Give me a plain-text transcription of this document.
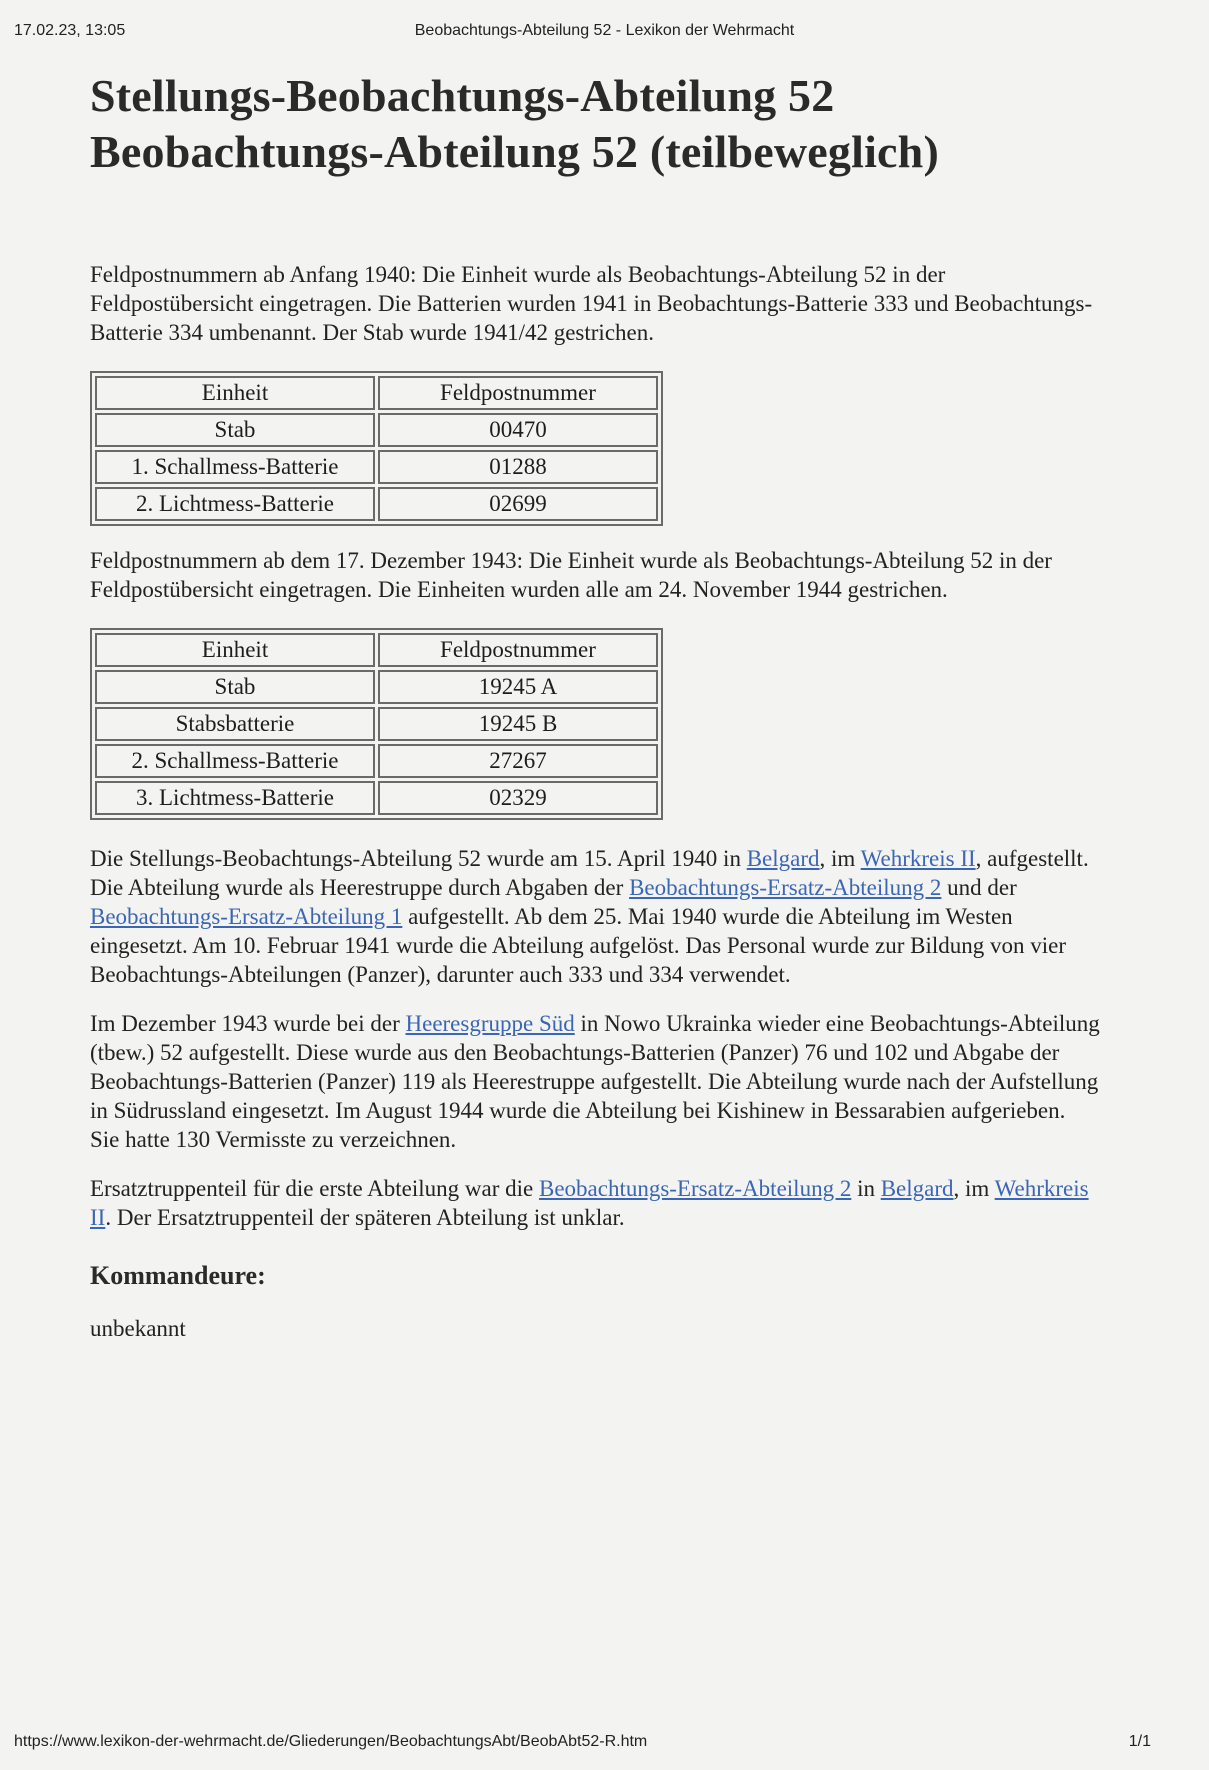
17.02.23, 13:05	Beobachtungs-Abteilung 52 - Lexikon der Wehrmacht
Stellungs-Beobachtungs-Abteilung 52
Beobachtungs-Abteilung 52 (teilbeweglich)

Feldpostnummern ab Anfang 1940: Die Einheit wurde als Beobachtungs-Abteilung 52 in der Feldpostübersicht eingetragen. Die Batterien wurden 1941 in Beobachtungs-Batterie 333 und Beobachtungs-Batterie 334 umbenannt. Der Stab wurde 1941/42 gestrichen.

Einheit	Feldpostnummer
Stab	00470
1. Schallmess-Batterie	01288
2. Lichtmess-Batterie	02699

Feldpostnummern ab dem 17. Dezember 1943: Die Einheit wurde als Beobachtungs-Abteilung 52 in der Feldpostübersicht eingetragen. Die Einheiten wurden alle am 24. November 1944 gestrichen.

Einheit	Feldpostnummer
Stab	19245 A
Stabsbatterie	19245 B
2. Schallmess-Batterie	27267
3. Lichtmess-Batterie	02329

Die Stellungs-Beobachtungs-Abteilung 52 wurde am 15. April 1940 in Belgard, im Wehrkreis II, aufgestellt. Die Abteilung wurde als Heerestruppe durch Abgaben der Beobachtungs-Ersatz-Abteilung 2 und der Beobachtungs-Ersatz-Abteilung 1 aufgestellt. Ab dem 25. Mai 1940 wurde die Abteilung im Westen eingesetzt. Am 10. Februar 1941 wurde die Abteilung aufgelöst. Das Personal wurde zur Bildung von vier Beobachtungs-Abteilungen (Panzer), darunter auch 333 und 334 verwendet.

Im Dezember 1943 wurde bei der Heeresgruppe Süd in Nowo Ukrainka wieder eine Beobachtungs-Abteilung (tbew.) 52 aufgestellt. Diese wurde aus den Beobachtungs-Batterien (Panzer) 76 und 102 und Abgabe der Beobachtungs-Batterien (Panzer) 119 als Heerestruppe aufgestellt. Die Abteilung wurde nach der Aufstellung in Südrussland eingesetzt. Im August 1944 wurde die Abteilung bei Kishinew in Bessarabien aufgerieben. Sie hatte 130 Vermisste zu verzeichnen.

Ersatztruppenteil für die erste Abteilung war die Beobachtungs-Ersatz-Abteilung 2 in Belgard, im Wehrkreis II. Der Ersatztruppenteil der späteren Abteilung ist unklar.

Kommandeure:

unbekannt

https://www.lexikon-der-wehrmacht.de/Gliederungen/BeobachtungsAbt/BeobAbt52-R.htm	1/1
